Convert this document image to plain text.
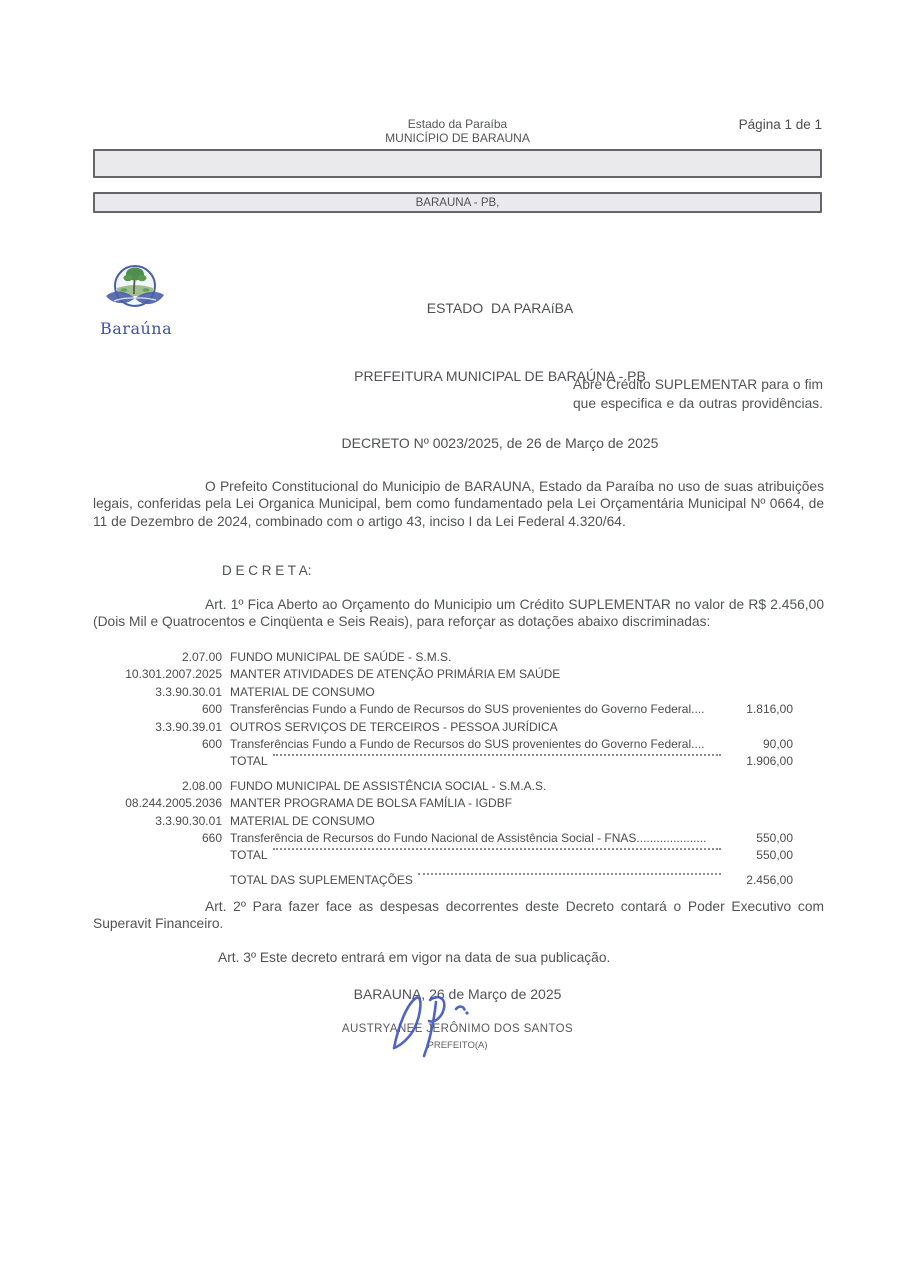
Estado da Paraíba
MUNICÍPIO DE BARAUNA
Página 1 de 1
BARAUNA - PB,
Baraúna

ESTADO  DA PARAíBA

PREFEITURA MUNICIPAL DE BARAÚNA - PB

DECRETO Nº 0023/2025, de 26 de Março de 2025

Abre Crédito SUPLEMENTAR para o fim que especifica e da outras providências.
O Prefeito Constitucional do Municipio de BARAUNA, Estado da Paraíba no uso de suas atribuições legais, conferidas pela Lei Organica Municipal, bem como fundamentado pela Lei Orçamentária Municipal Nº 0664, de 11 de Dezembro de 2024, combinado com o artigo 43, inciso I da Lei Federal 4.320/64.
D E C R E T A:
Art. 1º Fica Aberto ao Orçamento do Municipio um Crédito SUPLEMENTAR no valor de R$ 2.456,00 (Dois Mil e Quatrocentos e Cinqüenta e Seis Reais), para reforçar as dotações abaixo discriminadas:
2.07.00 FUNDO MUNICIPAL DE SAÚDE - S.M.S.
10.301.2007.2025 MANTER ATIVIDADES DE ATENÇÃO PRIMÁRIA EM SAÚDE
3.3.90.30.01 MATERIAL DE CONSUMO
600 Transferências Fundo a Fundo de Recursos do SUS provenientes do Governo Federal....	1.816,00
3.3.90.39.01 OUTROS SERVIÇOS DE TERCEIROS - PESSOA JURÍDICA
600 Transferências Fundo a Fundo de Recursos do SUS provenientes do Governo Federal....	90,00
TOTAL	1.906,00
2.08.00 FUNDO MUNICIPAL DE ASSISTÊNCIA SOCIAL - S.M.A.S.
08.244.2005.2036 MANTER PROGRAMA DE BOLSA FAMÍLIA - IGDBF
3.3.90.30.01 MATERIAL DE CONSUMO
660 Transferência de Recursos do Fundo Nacional de Assistência Social - FNAS.....................	550,00
TOTAL	550,00
TOTAL DAS SUPLEMENTAÇÕES	2.456,00
Art. 2º Para fazer face as despesas decorrentes deste Decreto contará o Poder Executivo com Superavit Financeiro.
Art. 3º Este decreto entrará em vigor na data de sua publicação.
BARAUNA, 26 de Março de 2025
AUSTRYANEE JERÔNIMO DOS SANTOS
PREFEITO(A)
